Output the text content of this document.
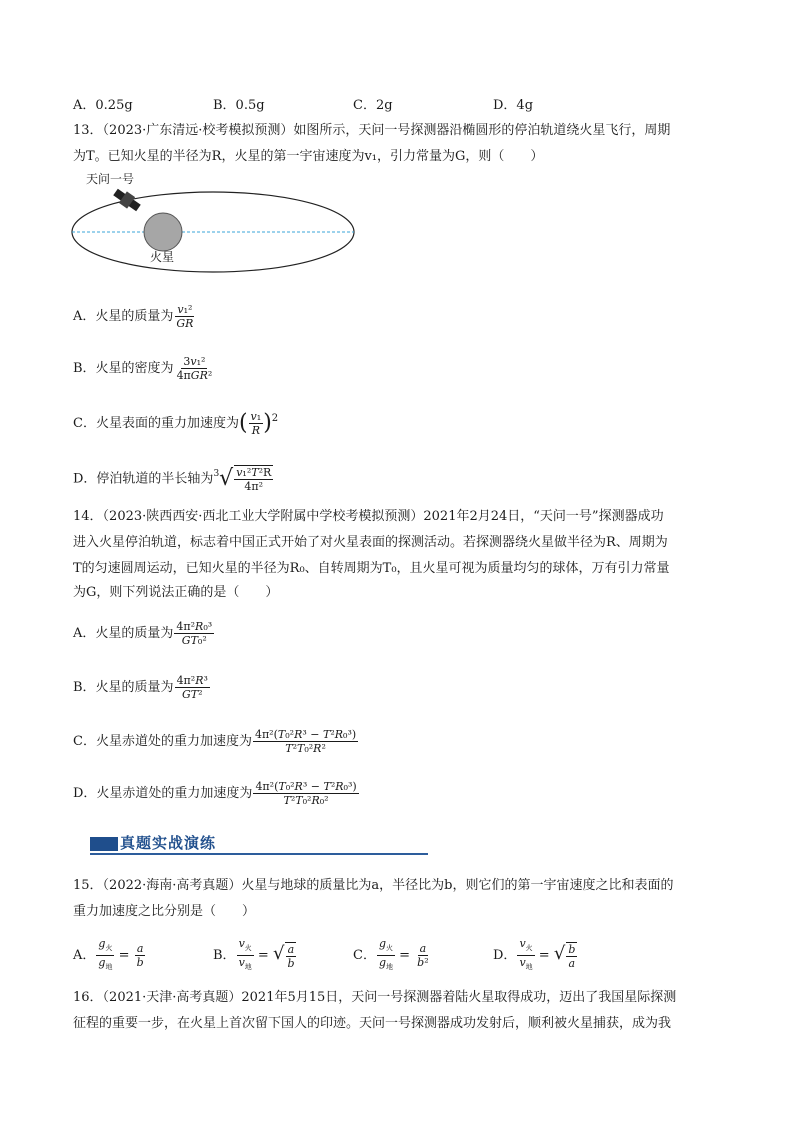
A．0.25g	B．0.5g	C．2g	D．4g
13．（2023·广东清远·校考模拟预测）如图所示，天问一号探测器沿椭圆形的停泊轨道绕火星飞行，周期
为T。已知火星的半径为R，火星的第一宇宙速度为v₁，引力常量为G，则（　　）
天问一号
火星
A．火星的质量为 $\frac{\text{v₁²}}{GR}$
B．火星的密度为 $\frac{\text{3v₁²}}{\text{4πGR²}}$
C．火星表面的重力加速度为( $\frac{\text{v₁}}{R} )^2$
D．停泊轨道的半长轴为$^3√ \frac{\text{v₁²T²R}}{\text{4π²}}$
14．（2023·陕西西安·西北工业大学附属中学校考模拟预测）2021年2月24日，“天问一号”探测器成功
进入火星停泊轨道，标志着中国正式开始了对火星表面的探测活动。若探测器绕火星做半径为R、周期为
T的匀速圆周运动，已知火星的半径为R₀、自转周期为T₀，且火星可视为质量均匀的球体，万有引力常量
为G，则下列说法正确的是（　　）
A．火星的质量为 $\frac{\text{4π²R₀³}}{\text{GT₀²}}$
B．火星的质量为 $\frac{\text{4π²R³}}{\text{GT²}}$
C．火星赤道处的重力加速度为 $\frac{\text{4π²(T₀²R³ − T²R₀³)}}{\text{T²T₀²R²}}$
D．火星赤道处的重力加速度为 $\frac{\text{4π²(T₀²R³ − T²R₀³)}}{\text{T²T₀²R₀²}}$
真题实战演练
15．（2022·海南·高考真题）火星与地球的质量比为a，半径比为b，则它们的第一宇宙速度之比和表面的
重力加速度之比分别是（　　）
A． $\frac{g_火}{g_地} = \frac{a}{b}$	B． $\frac{v_火}{v_地}$ = √ $\frac{a}{b}$	C． $\frac{g_火}{g_地} = \frac{a}{\text{b²}}$	D． $\frac{v_火}{v_地}$ = √ $\frac{b}{a}$
16．（2021·天津·高考真题）2021年5月15日，天问一号探测器着陆火星取得成功，迈出了我国星际探测
征程的重要一步，在火星上首次留下国人的印迹。天问一号探测器成功发射后，顺利被火星捕获，成为我
